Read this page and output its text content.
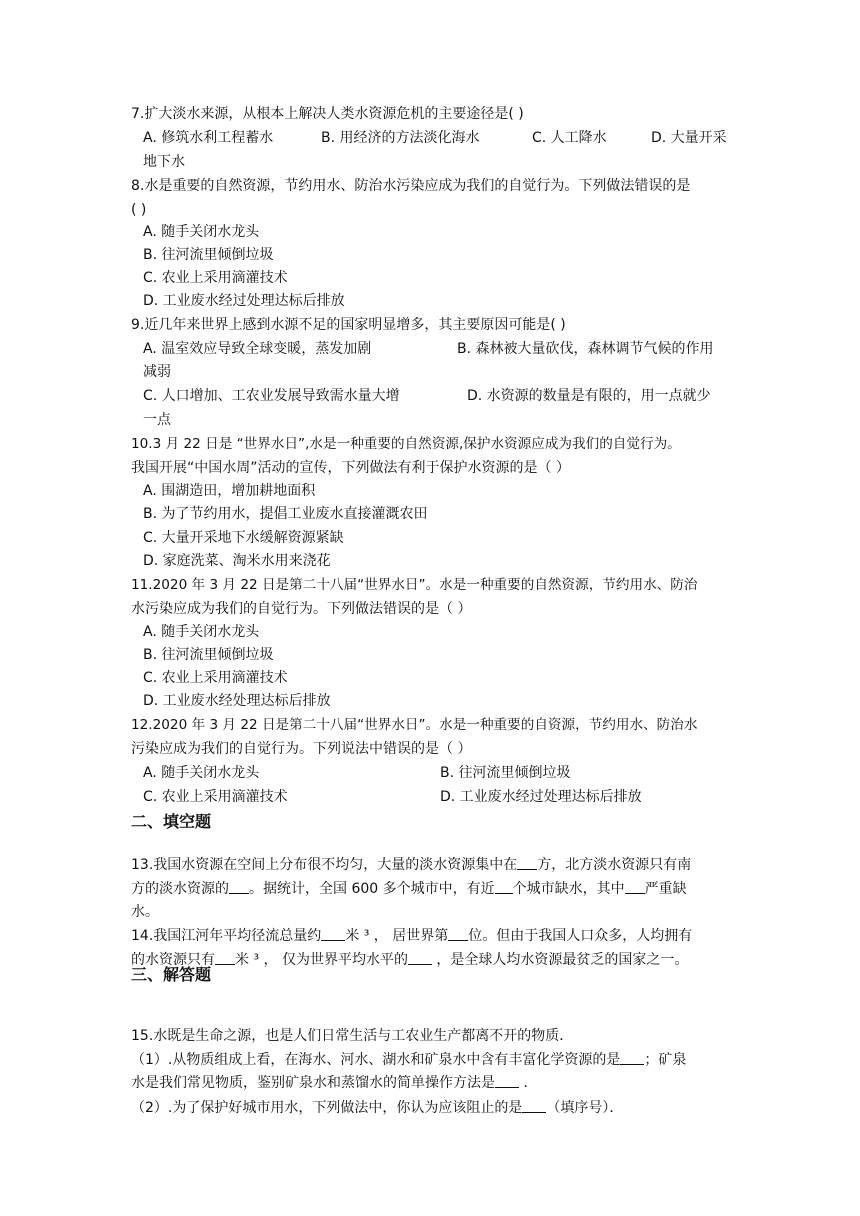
7.扩大淡水来源，从根本上解决人类水资源危机的主要途径是( )
A. 修筑水利工程蓄水	B. 用经济的方法淡化海水	C. 人工降水	D. 大量开采
地下水
8.水是重要的自然资源，节约用水、防治水污染应成为我们的自觉行为。下列做法错误的是
( )
A. 随手关闭水龙头
B. 往河流里倾倒垃圾
C. 农业上采用滴灌技术
D. 工业废水经过处理达标后排放
9.近几年来世界上感到水源不足的国家明显增多，其主要原因可能是( )
A. 温室效应导致全球变暖，蒸发加剧	B. 森林被大量砍伐，森林调节气候的作用
减弱
C. 人口增加、工农业发展导致需水量大增	D. 水资源的数量是有限的，用一点就少
一点
10.3 月 22 日是 “世界水日”,水是一种重要的自然资源,保护水资源应成为我们的自觉行为。
我国开展“中国水周”活动的宣传，下列做法有利于保护水资源的是（ ）
A. 围湖造田，增加耕地面积
B. 为了节约用水，提倡工业废水直接灌溉农田
C. 大量开采地下水缓解资源紧缺
D. 家庭洗菜、淘米水用来浇花
11.2020 年 3 月 22 日是第二十八届“世界水日”。水是一种重要的自然资源，节约用水、防治
水污染应成为我们的自觉行为。下列做法错误的是（ ）
A. 随手关闭水龙头
B. 往河流里倾倒垃圾
C. 农业上采用滴灌技术
D. 工业废水经处理达标后排放
12.2020 年 3 月 22 日是第二十八届“世界水日”。水是一种重要的自资源，节约用水、防治水
污染应成为我们的自觉行为。下列说法中错误的是（ ）
A. 随手关闭水龙头	B. 往河流里倾倒垃圾
C. 农业上采用滴灌技术	D. 工业废水经过处理达标后排放
二、填空题
13.我国水资源在空间上分布很不均匀，大量的淡水资源集中在 方，北方淡水资源只有南
方的淡水资源的 。据统计，全国 600 多个城市中，有近 个城市缺水，其中 严重缺
水。
14.我国江河年平均径流总量约 米 ³ ， 居世界第 位。但由于我国人口众多，人均拥有
的水资源只有 米 ³ ， 仅为世界平均水平的 ，是全球人均水资源最贫乏的国家之一。
三、解答题
15.水既是生命之源，也是人们日常生活与工农业生产都离不开的物质．
（1）.从物质组成上看，在海水、河水、湖水和矿泉水中含有丰富化学资源的是 ；矿泉
水是我们常见物质，鉴别矿泉水和蒸馏水的简单操作方法是 ．
（2）.为了保护好城市用水，下列做法中，你认为应该阻止的是 （填序号）．
